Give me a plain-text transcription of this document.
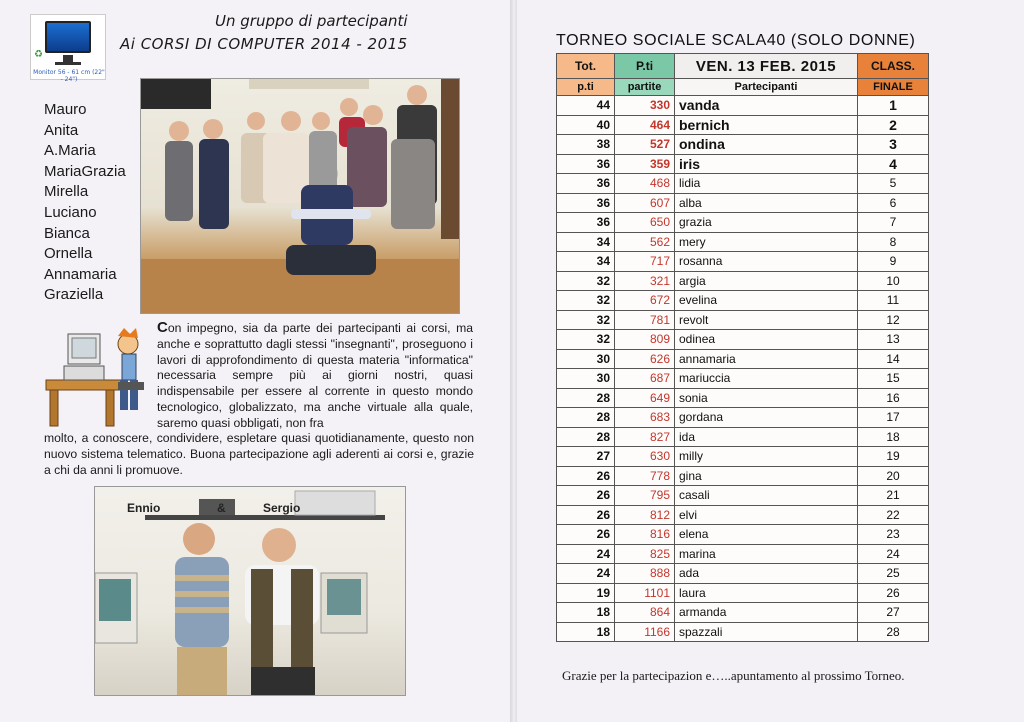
♻
Monitor 56 - 61 cm (22" - 24")
Un gruppo di partecipanti
Ai CORSI DI COMPUTER 2014 - 2015
Mauro
Anita
A.Maria
MariaGrazia
Mirella
Luciano
Bianca
Ornella
Annamaria
Graziella
Con impegno, sia da parte dei partecipanti ai corsi, ma anche e soprattutto dagli stessi "insegnanti", proseguono i lavori di approfondimento di questa materia "informatica" necessaria sempre più ai giorni nostri, quasi indispensabile per essere al corrente in questo mondo tecnologico, globalizzato, ma anche virtuale alla quale, saremo quasi obbligati, non fra
molto, a conoscere, condividere, espletare quasi quotidianamente, questo non nuovo sistema telematico. Buona partecipazione agli aderenti ai corsi e, grazie a chi da anni li promuove.
Ennio	&	Sergio
TORNEO SOCIALE SCALA40 (SOLO DONNE)
Tot.	P.ti	VEN. 13 FEB. 2015	CLASS.
p.ti	partite	Partecipanti	FINALE
44	330	vanda	1
40	464	bernich	2
38	527	ondina	3
36	359	iris	4
36	468	lidia	5
36	607	alba	6
36	650	grazia	7
34	562	mery	8
34	717	rosanna	9
32	321	argia	10
32	672	evelina	11
32	781	revolt	12
32	809	odinea	13
30	626	annamaria	14
30	687	mariuccia	15
28	649	sonia	16
28	683	gordana	17
28	827	ida	18
27	630	milly	19
26	778	gina	20
26	795	casali	21
26	812	elvi	22
26	816	elena	23
24	825	marina	24
24	888	ada	25
19	1101	laura	26
18	864	armanda	27
18	1166	spazzali	28
Grazie per la partecipazion e…..apuntamento al prossimo Torneo.
